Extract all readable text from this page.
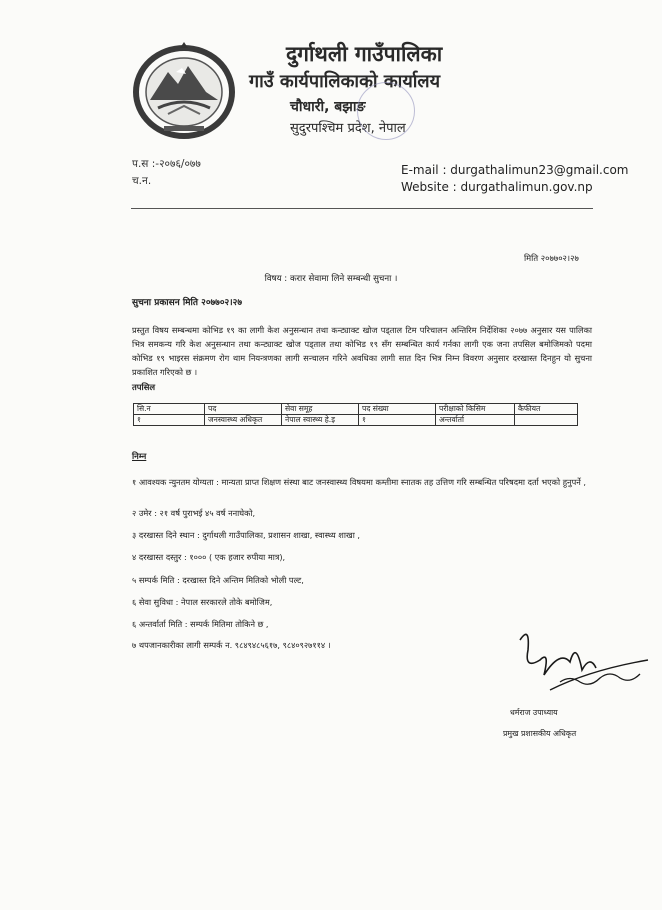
दुर्गाथली गाउँपालिका
गाउँ कार्यपालिकाको कार्यालय
चौधारी, बझाङ
सुदुरपश्चिम प्रदेश, नेपाल
प.स :-२०७६/०७७
च.न.
E-mail : durgathalimun23@gmail.com
Website : durgathalimun.gov.np
मिति २०७७०२।२७
विषय : करार सेवामा लिने सम्बन्धी सुचना ।
सुचना प्रकासन मिति २०७७०२।२७
प्रस्तुत विषय सम्बन्धमा कोभिड १९ का लागी केश अनुसन्धान तथा कन्ट्याक्ट खोज पड्ताल टिम परिचालन अन्तिरिम निर्देशिका २०७७ अनुसार यस पालिका भित्र समकन्य गरि केश अनुसन्धान तथा कन्ट्याक्ट खोज पड्ताल तथा कोभिड १९ सँग सम्बन्धित कार्य गर्नका लागी एक जना तपसिल बमोजिमको पदमा कोभिड १९ भाइरस संक्रमण रोग थाम नियन्त्रणका लागी सन्चालन गरिने अवधिका लागी सात दिन भित्र निम्न विवरण अनुसार दरखास्त दिनहुन यो सुचना प्रकाशित गरिएको छ ।
तपसिल
सि.न	पद	सेवा समूह	पद संख्या	परीक्षाको किसिम	कैफीयत
१	जनस्वास्थ्य अधिकृत	नेपाल स्वास्थ्य हे.इ	१	अन्तर्वार्ता	
निम्न
१ आवश्यक न्युनतम योग्यता : मान्यता प्राप्त शिक्षण संस्था बाट जनस्वास्थ्य विषयमा कम्तीमा स्नातक तह उत्तिण गरि सम्बन्धित परिषदमा दर्ता भएको हुनुपर्ने ,
२ उमेर : २१ वर्ष पुराभई ४५ वर्ष ननाघेको,
३ दरखास्त दिने स्थान : दुर्गाथली गाउँपालिका, प्रशासन शाखा, स्वास्थ्य शाखा ,
४ दरखास्त दस्तुर : १००० ( एक हजार रुपीया मात्र),
५ सम्पर्क मिति : दरखास्त दिने अन्तिम मितिको भोली पल्ट,
६ सेवा सुविधा : नेपाल सरकारले तोके बमोजिम,
६ अन्तर्वार्ता मिति : सम्पर्क मितिमा तोकिने छ ,
७ थपजानकारीका लागी सम्पर्क न. ९८४९४८५६१७, ९८४०९२७११४ ।
धर्मराज उपाध्याय
प्रमुख प्रशासकीय अधिकृत
